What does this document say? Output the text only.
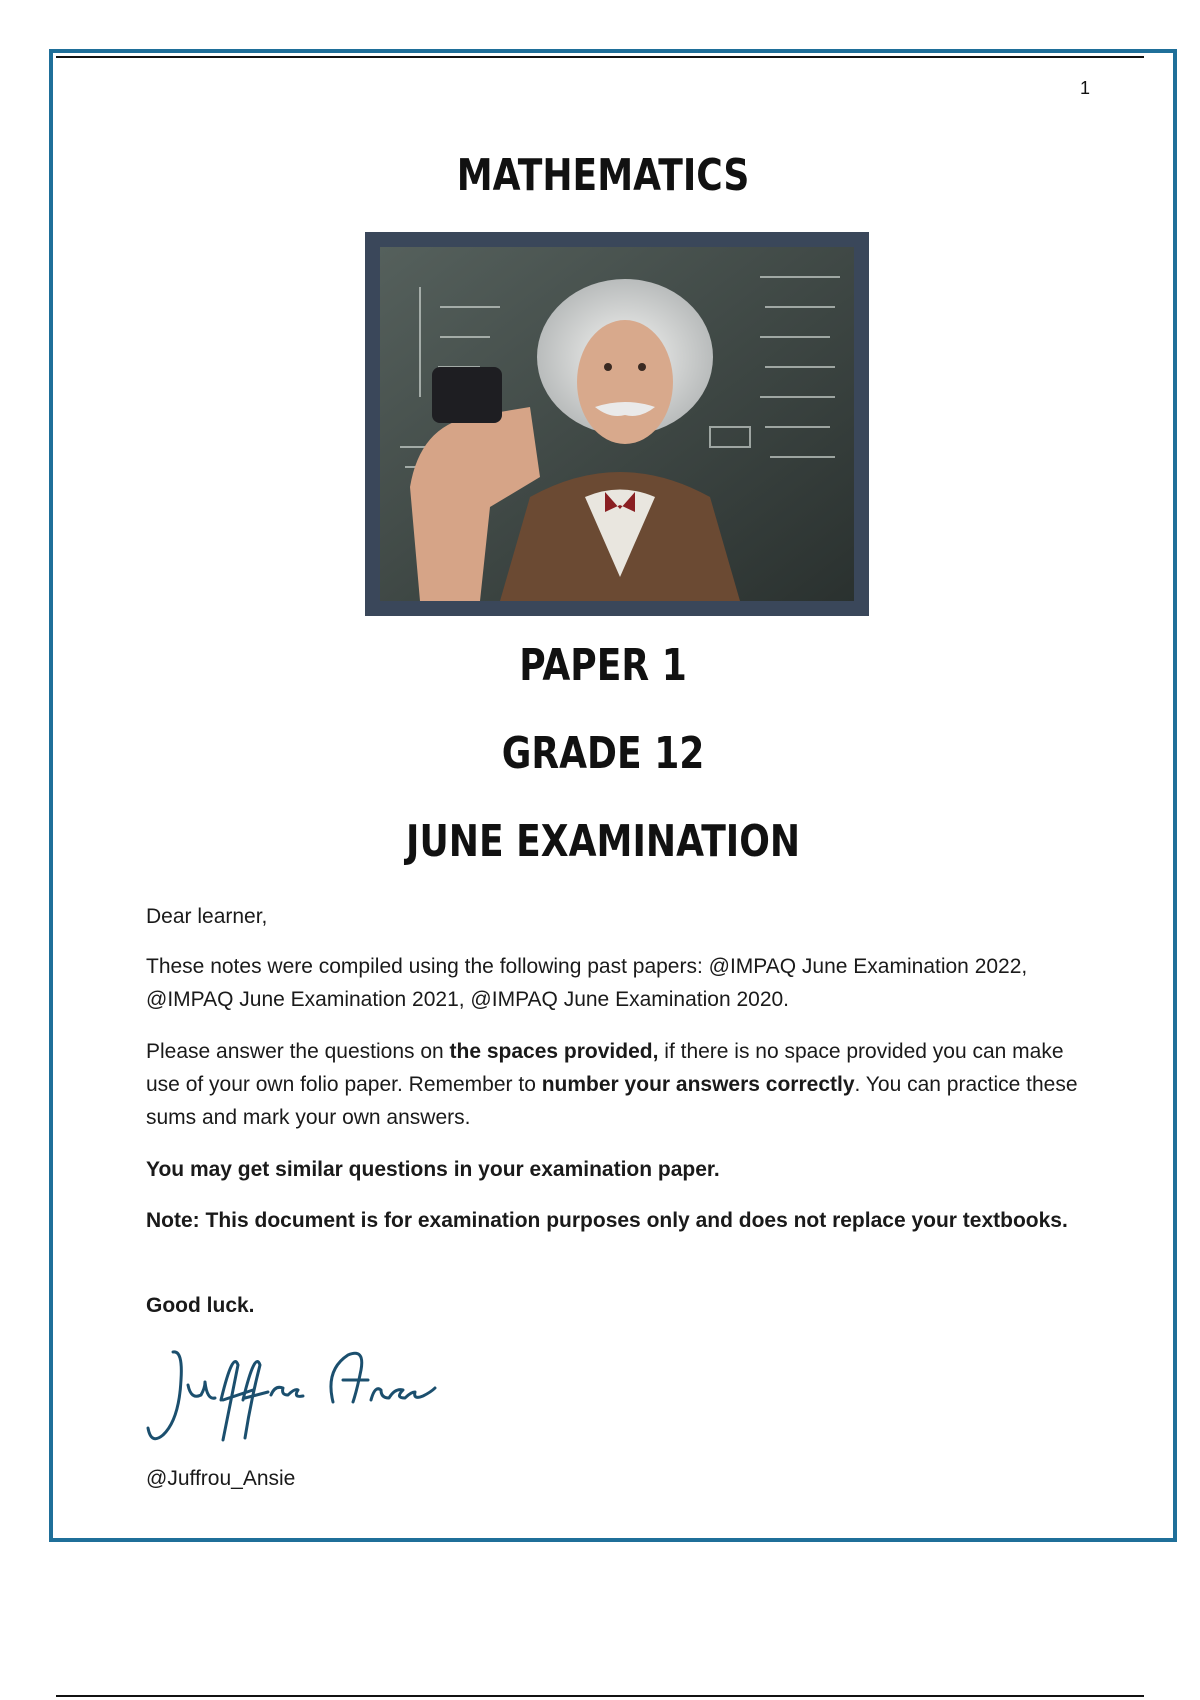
1
MATHEMATICS
PAPER 1
GRADE 12
JUNE EXAMINATION
Dear learner,
These notes were compiled using the following past papers: @IMPAQ June Examination 2022, @IMPAQ June Examination 2021, @IMPAQ June Examination 2020.
Please answer the questions on the spaces provided, if there is no space provided you can make use of your own folio paper. Remember to number your answers correctly. You can practice these sums and mark your own answers.
You may get similar questions in your examination paper.
Note: This document is for examination purposes only and does not replace your textbooks.
Good luck.
@Juffrou_Ansie
